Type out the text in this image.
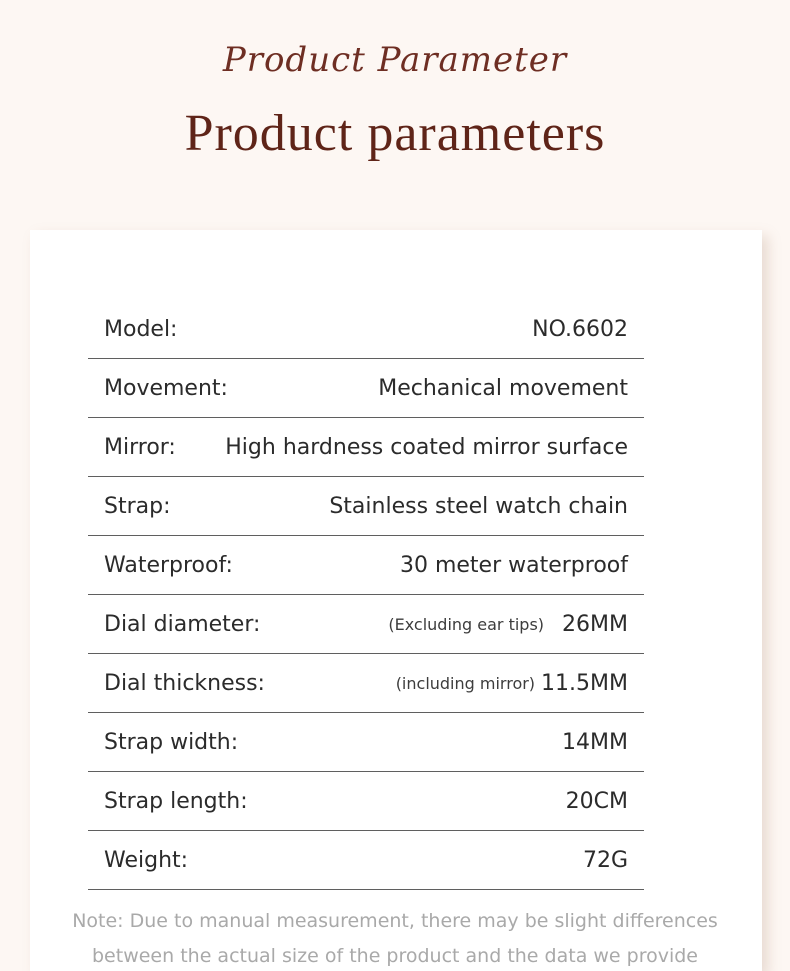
Product Parameter
Product parameters
Model:	NO.6602
Movement:	Mechanical movement
Mirror: High hardness coated mirror surface
Strap:	Stainless steel watch chain
Waterproof:	30 meter waterproof
Dial diameter:	(Excluding ear tips) 26MM
Dial thickness:	(including mirror) 11.5MM
Strap width:	14MM
Strap length:	20CM
Weight:	72G
Note: Due to manual measurement, there may be slight differences
between the actual size of the product and the data we provide
